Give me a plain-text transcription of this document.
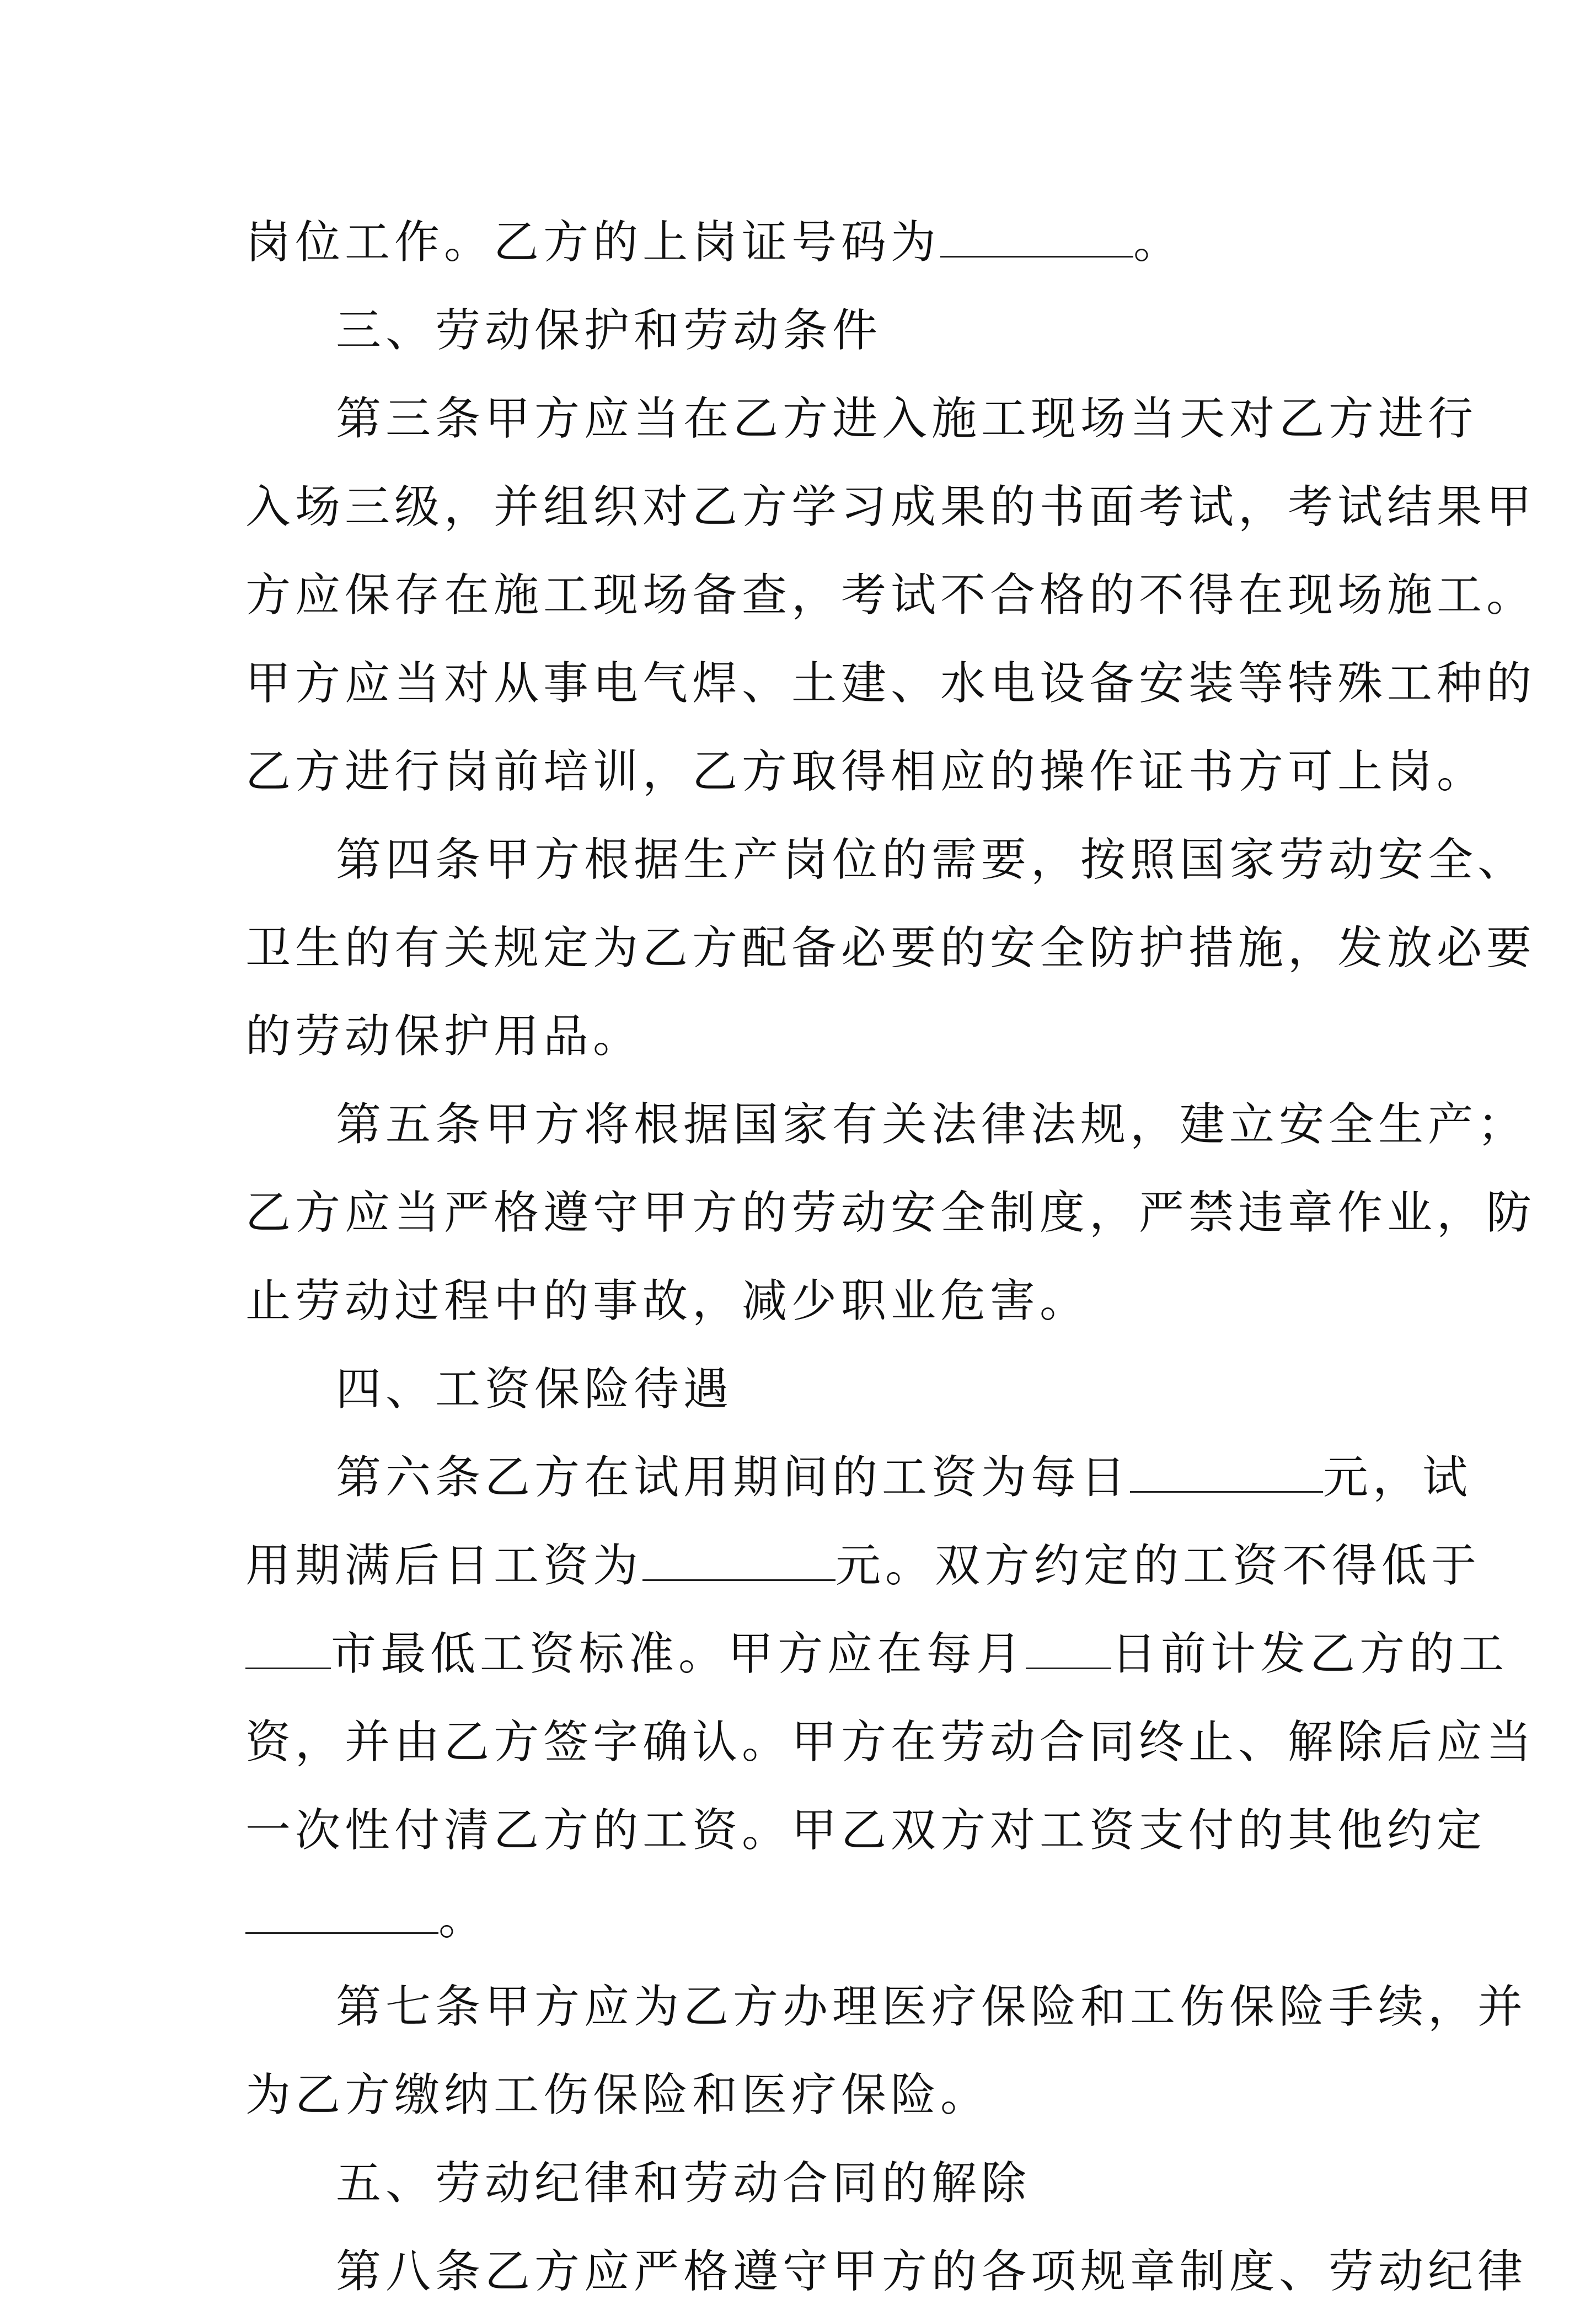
岗位工作。乙方的上岗证号码为	。
三、劳动保护和劳动条件
第三条甲方应当在乙方进入施工现场当天对乙方进行
入场三级，并组织对乙方学习成果的书面考试，考试结果甲
方应保存在施工现场备查，考试不合格的不得在现场施工。
甲方应当对从事电气焊、土建、水电设备安装等特殊工种的
乙方进行岗前培训，乙方取得相应的操作证书方可上岗。
第四条甲方根据生产岗位的需要，按照国家劳动安全、
卫生的有关规定为乙方配备必要的安全防护措施，发放必要
的劳动保护用品。
第五条甲方将根据国家有关法律法规，建立安全生产；
乙方应当严格遵守甲方的劳动安全制度，严禁违章作业，防
止劳动过程中的事故，减少职业危害。
四、工资保险待遇
第六条乙方在试用期间的工资为每日	元，试
用期满后日工资为	元。双方约定的工资不得低于
市最低工资标准。甲方应在每月 日前计发乙方的工
资，并由乙方签字确认。甲方在劳动合同终止、解除后应当
一次性付清乙方的工资。甲乙双方对工资支付的其他约定
。
第七条甲方应为乙方办理医疗保险和工伤保险手续，并
为乙方缴纳工伤保险和医疗保险。
五、劳动纪律和劳动合同的解除
第八条乙方应严格遵守甲方的各项规章制度、劳动纪律
